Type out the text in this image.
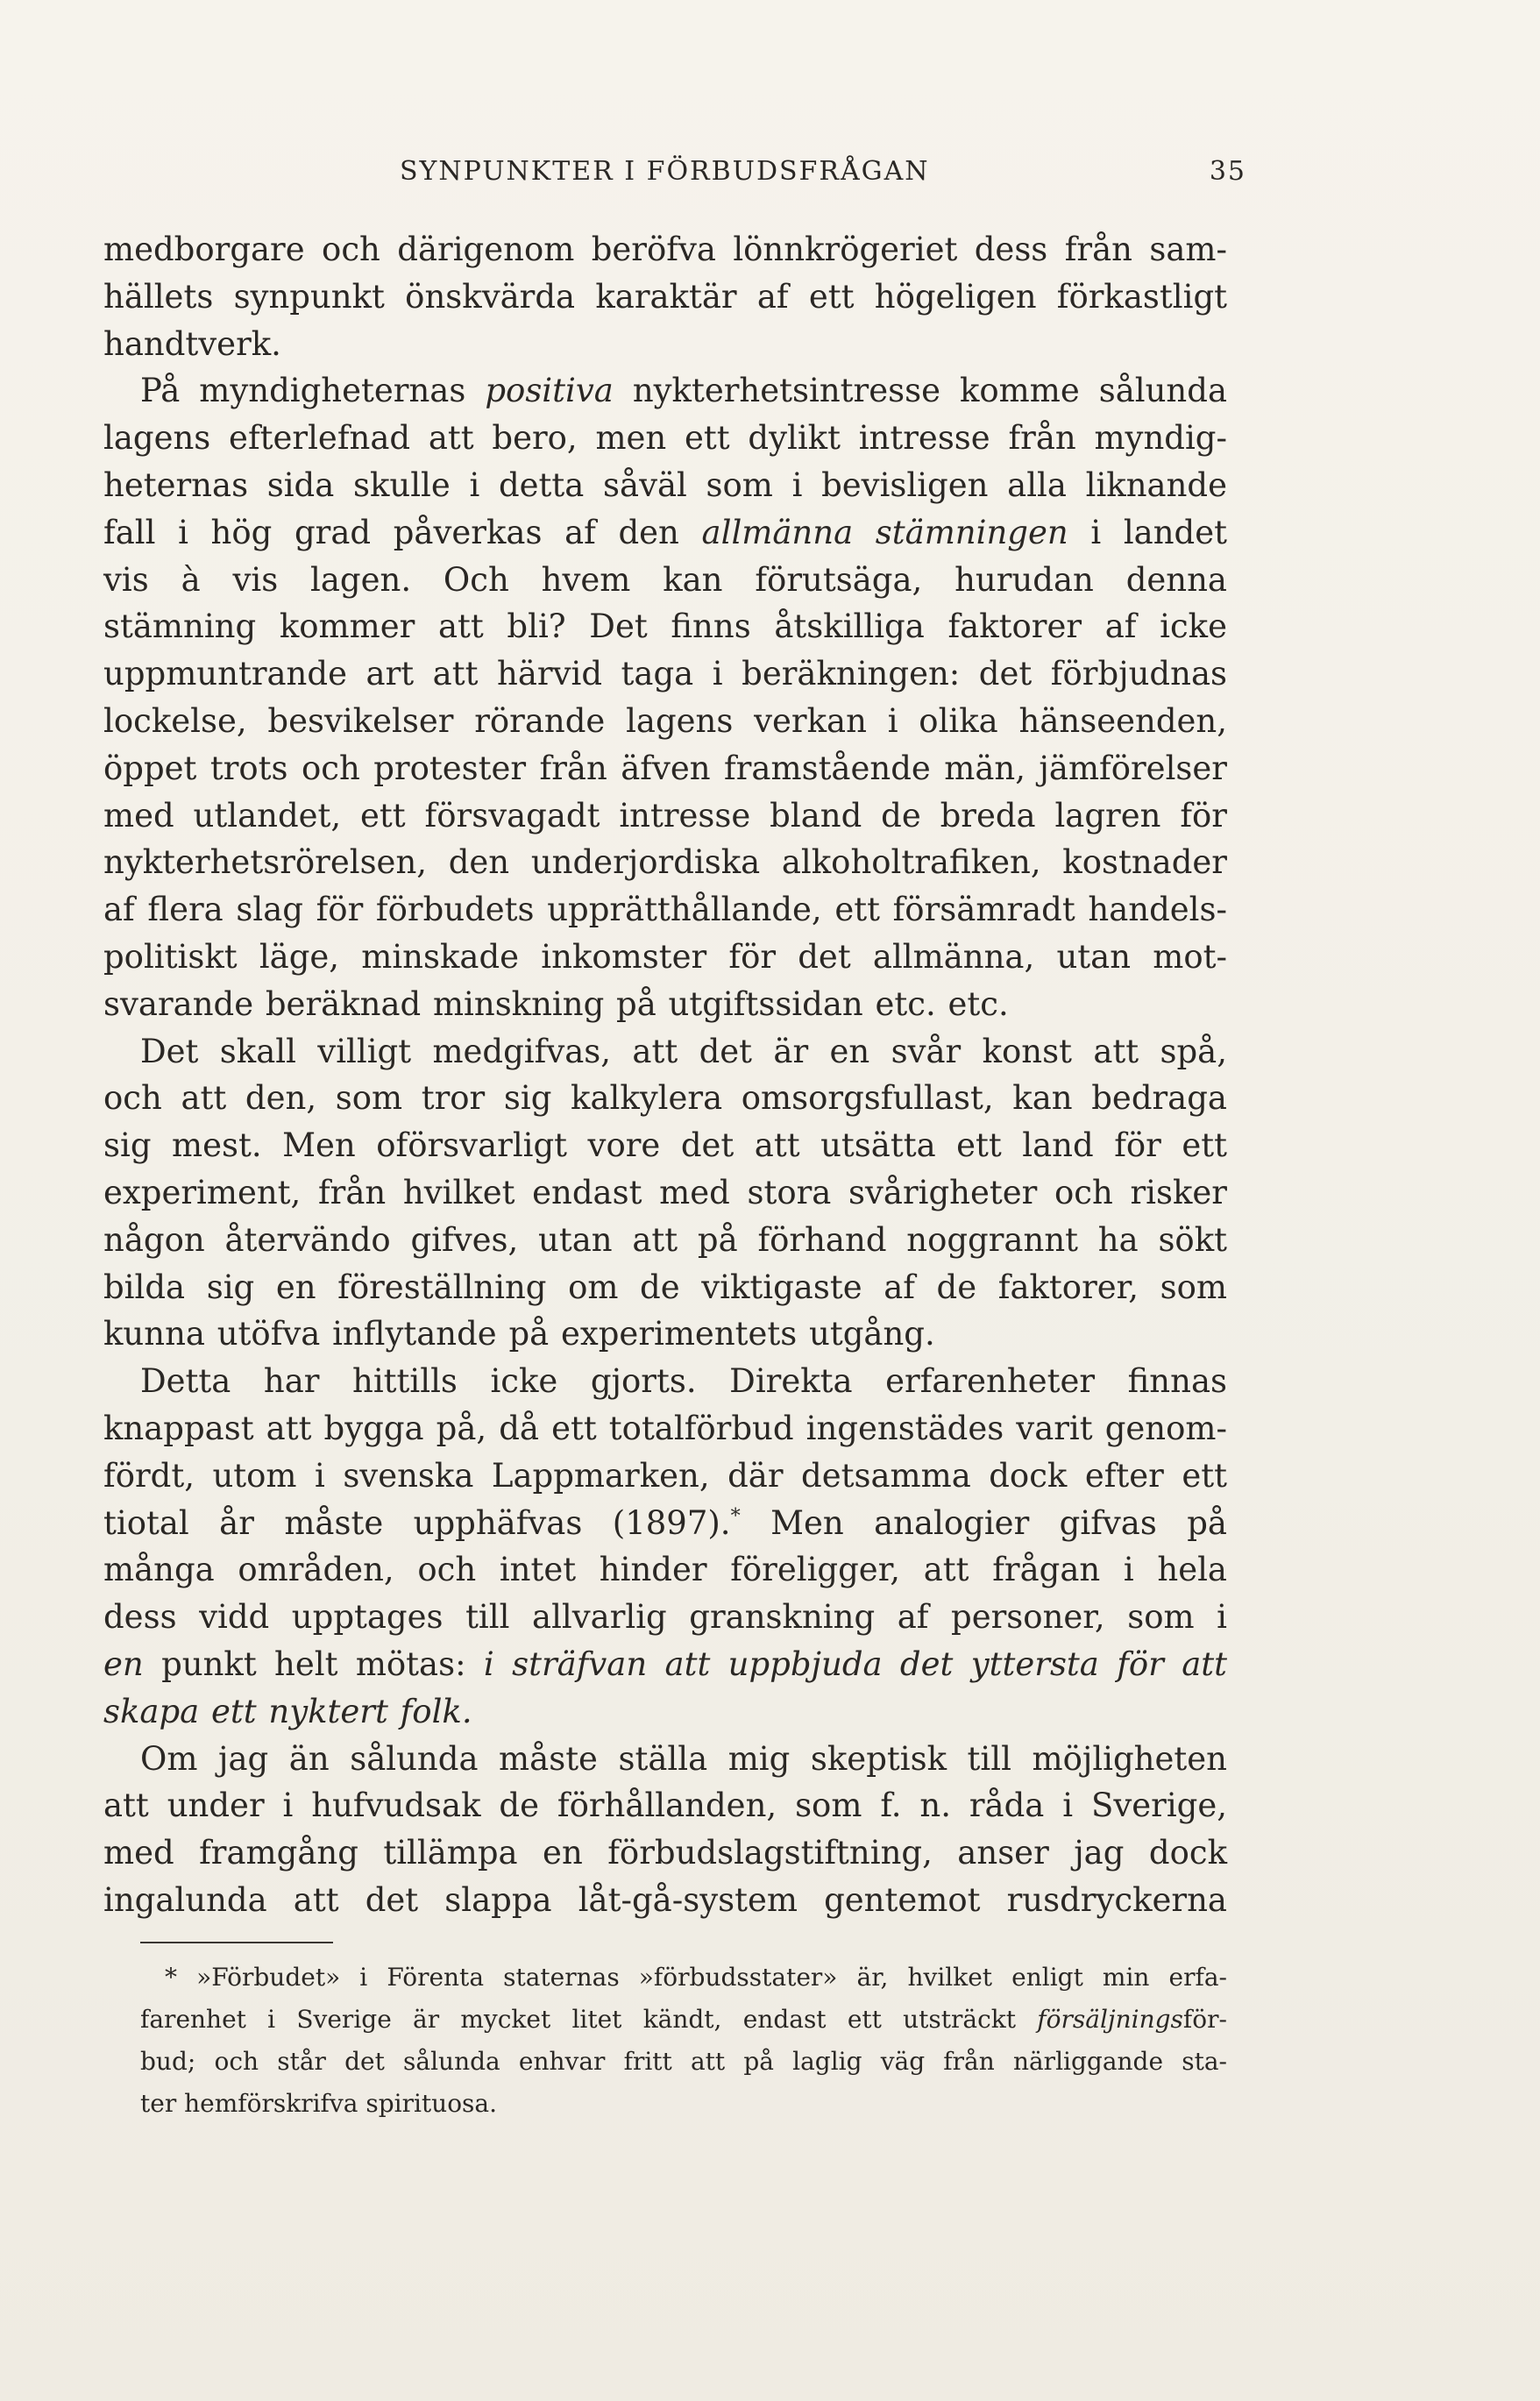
SYNPUNKTER I FÖRBUDSFRÅGAN	35
medborgare och därigenom beröfva lönnkrögeriet dess från sam-
hällets synpunkt önskvärda karaktär af ett högeligen förkastligt
handtverk.
På myndigheternas positiva nykterhetsintresse komme sålunda
lagens efterlefnad att bero, men ett dylikt intresse från myndig-
heternas sida skulle i detta såväl som i bevisligen alla liknande
fall i hög grad påverkas af den allmänna stämningen i landet
vis à vis lagen. Och hvem kan förutsäga, hurudan denna
stämning kommer att bli? Det finns åtskilliga faktorer af icke
uppmuntrande art att härvid taga i beräkningen: det förbjudnas
lockelse, besvikelser rörande lagens verkan i olika hänseenden,
öppet trots och protester från äfven framstående män, jämförelser
med utlandet, ett försvagadt intresse bland de breda lagren för
nykterhetsrörelsen, den underjordiska alkoholtrafiken, kostnader
af flera slag för förbudets upprätthållande, ett försämradt handels-
politiskt läge, minskade inkomster för det allmänna, utan mot-
svarande beräknad minskning på utgiftssidan etc. etc.
Det skall villigt medgifvas, att det är en svår konst att spå,
och att den, som tror sig kalkylera omsorgsfullast, kan bedraga
sig mest. Men oförsvarligt vore det att utsätta ett land för ett
experiment, från hvilket endast med stora svårigheter och risker
någon återvändo gifves, utan att på förhand noggrannt ha sökt
bilda sig en föreställning om de viktigaste af de faktorer, som
kunna utöfva inflytande på experimentets utgång.
Detta har hittills icke gjorts. Direkta erfarenheter finnas
knappast att bygga på, då ett totalförbud ingenstädes varit genom-
fördt, utom i svenska Lappmarken, där detsamma dock efter ett
tiotal år måste upphäfvas (1897).* Men analogier gifvas på
många områden, och intet hinder föreligger, att frågan i hela
dess vidd upptages till allvarlig granskning af personer, som i
en punkt helt mötas: i sträfvan att uppbjuda det yttersta för att
skapa ett nyktert folk.
Om jag än sålunda måste ställa mig skeptisk till möjligheten
att under i hufvudsak de förhållanden, som f. n. råda i Sverige,
med framgång tillämpa en förbudslagstiftning, anser jag dock
ingalunda att det slappa låt-gå-system gentemot rusdryckerna
* »Förbudet» i Förenta staternas »förbudsstater» är, hvilket enligt min erfa-
farenhet i Sverige är mycket litet kändt, endast ett utsträckt försäljningsför-
bud; och står det sålunda enhvar fritt att på laglig väg från närliggande sta-
ter hemförskrifva spirituosa.
